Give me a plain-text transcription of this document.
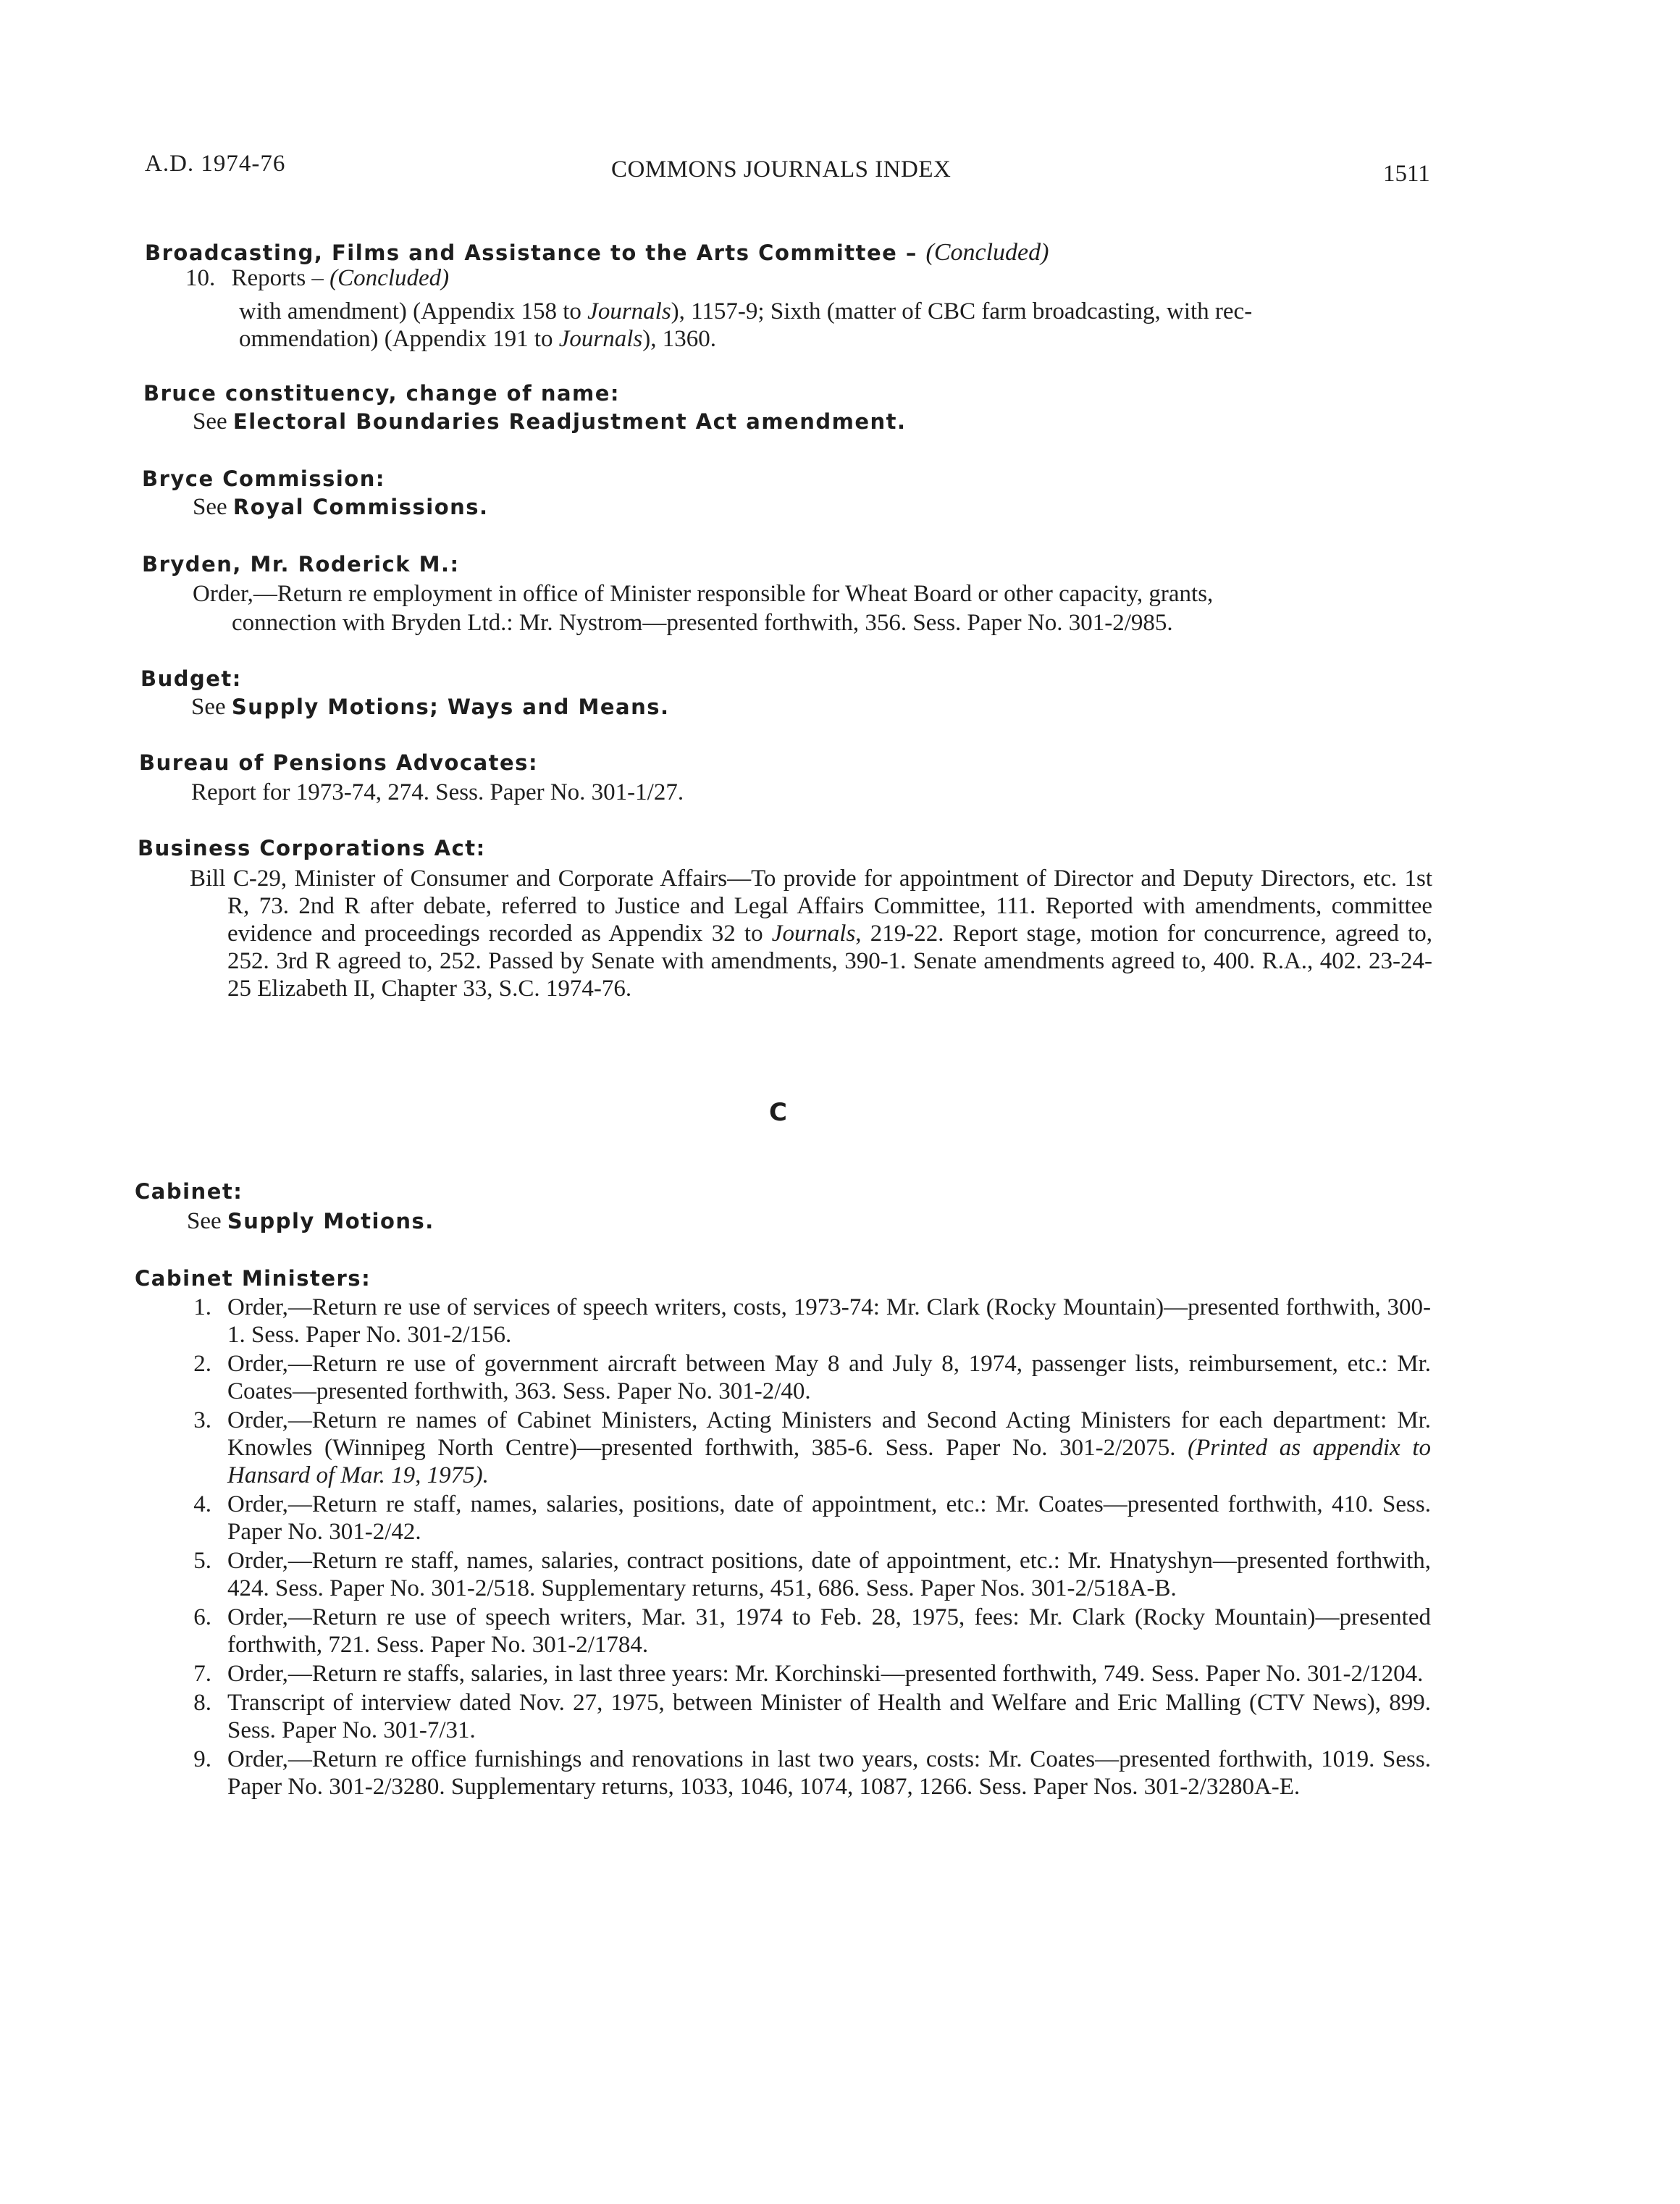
A.D. 1974-76	COMMONS JOURNALS INDEX	1511
Broadcasting, Films and Assistance to the Arts Committee – (Concluded)
10. Reports – (Concluded)
with amendment) (Appendix 158 to Journals), 1157-9; Sixth (matter of CBC farm broadcasting, with rec-
ommendation) (Appendix 191 to Journals), 1360.
Bruce constituency, change of name:
See Electoral Boundaries Readjustment Act amendment.
Bryce Commission:
See Royal Commissions.
Bryden, Mr. Roderick M.:
Order,—Return re employment in office of Minister responsible for Wheat Board or other capacity, grants,
connection with Bryden Ltd.: Mr. Nystrom—presented forthwith, 356. Sess. Paper No. 301-2/985.
Budget:
See Supply Motions; Ways and Means.
Bureau of Pensions Advocates:
Report for 1973-74, 274. Sess. Paper No. 301-1/27.
Business Corporations Act:

Bill C-29, Minister of Consumer and Corporate Affairs—To provide for appointment of Director and Deputy Directors, etc. 1st R, 73. 2nd R after debate, referred to Justice and Legal Affairs Committee, 111. Reported with amendments, committee evidence and proceedings recorded as Appendix 32 to Journals, 219-22. Report stage, motion for concurrence, agreed to, 252. 3rd R agreed to, 252. Passed by Senate with amendments, 390-1. Senate amendments agreed to, 400. R.A., 402. 23-24-25 Elizabeth II, Chapter 33, S.C. 1974-76.

C
Cabinet:
See Supply Motions.
Cabinet Ministers:
1. Order,—Return re use of services of speech writers, costs, 1973-74: Mr. Clark (Rocky Mountain)—presented forthwith, 300-1. Sess. Paper No. 301-2/156.
2. Order,—Return re use of government aircraft between May 8 and July 8, 1974, passenger lists, reimbursement, etc.: Mr. Coates—presented forthwith, 363. Sess. Paper No. 301-2/40.
3. Order,—Return re names of Cabinet Ministers, Acting Ministers and Second Acting Ministers for each department: Mr. Knowles (Winnipeg North Centre)—presented forthwith, 385-6. Sess. Paper No. 301-2/2075. (Printed as appendix to Hansard of Mar. 19, 1975).
4. Order,—Return re staff, names, salaries, positions, date of appointment, etc.: Mr. Coates—presented forthwith, 410. Sess. Paper No. 301-2/42.
5. Order,—Return re staff, names, salaries, contract positions, date of appointment, etc.: Mr. Hnatyshyn—presented forthwith, 424. Sess. Paper No. 301-2/518. Supplementary returns, 451, 686. Sess. Paper Nos. 301-2/518A-B.
6. Order,—Return re use of speech writers, Mar. 31, 1974 to Feb. 28, 1975, fees: Mr. Clark (Rocky Mountain)—presented forthwith, 721. Sess. Paper No. 301-2/1784.
7. Order,—Return re staffs, salaries, in last three years: Mr. Korchinski—presented forthwith, 749. Sess. Paper No. 301-2/1204.
8. Transcript of interview dated Nov. 27, 1975, between Minister of Health and Welfare and Eric Malling (CTV News), 899. Sess. Paper No. 301-7/31.
9. Order,—Return re office furnishings and renovations in last two years, costs: Mr. Coates—presented forthwith, 1019. Sess. Paper No. 301-2/3280. Supplementary returns, 1033, 1046, 1074, 1087, 1266. Sess. Paper Nos. 301-2/3280A-E.
